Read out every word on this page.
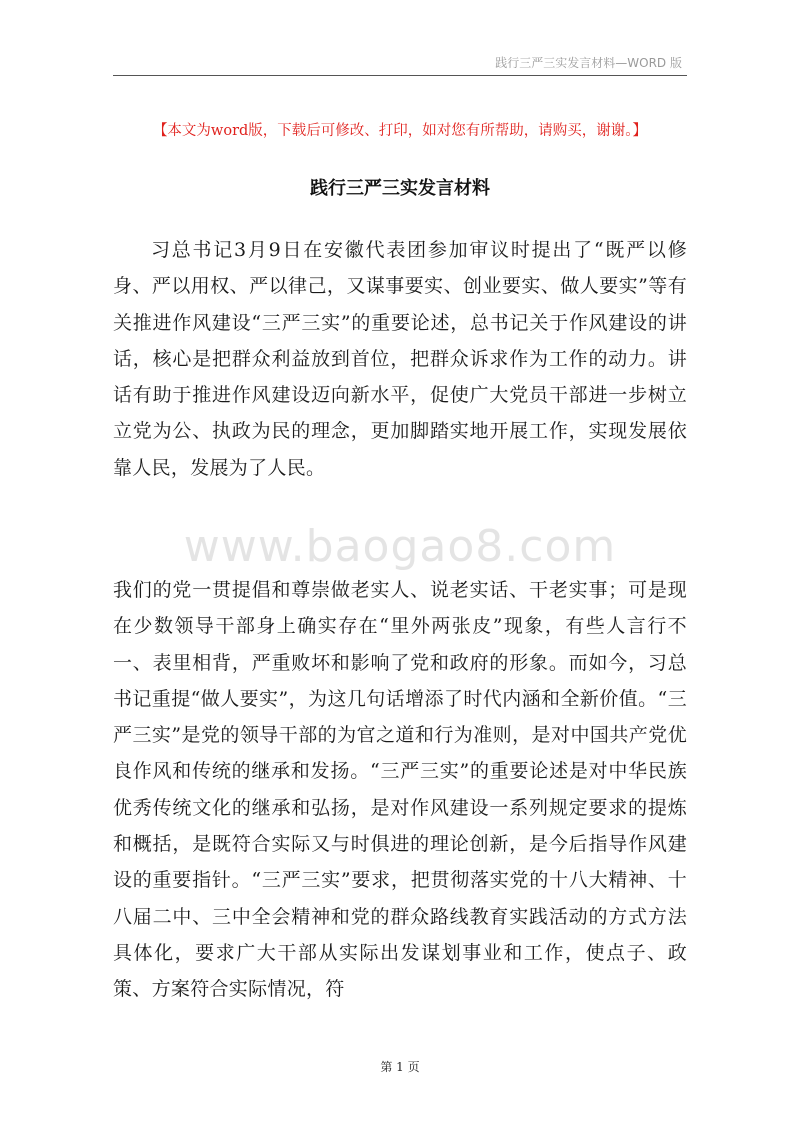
践行三严三实发言材料—WORD 版
【本文为word版，下载后可修改、打印，如对您有所帮助，请购买，谢谢。】
践行三严三实发言材料
习总书记3月9日在安徽代表团参加审议时提出了“既严以修身、严以用权、严以律己，又谋事要实、创业要实、做人要实”等有关推进作风建设“三严三实”的重要论述，总书记关于作风建设的讲话，核心是把群众利益放到首位，把群众诉求作为工作的动力。讲话有助于推进作风建设迈向新水平，促使广大党员干部进一步树立立党为公、执政为民的理念，更加脚踏实地开展工作，实现发展依靠人民，发展为了人民。
www.baogao8.com
我们的党一贯提倡和尊崇做老实人、说老实话、干老实事；可是现在少数领导干部身上确实存在“里外两张皮”现象，有些人言行不一、表里相背，严重败坏和影响了党和政府的形象。而如今，习总书记重提“做人要实”，为这几句话增添了时代内涵和全新价值。“三严三实”是党的领导干部的为官之道和行为准则，是对中国共产党优良作风和传统的继承和发扬。“三严三实”的重要论述是对中华民族优秀传统文化的继承和弘扬，是对作风建设一系列规定要求的提炼和概括，是既符合实际又与时俱进的理论创新，是今后指导作风建设的重要指针。“三严三实”要求，把贯彻落实党的十八大精神、十八届二中、三中全会精神和党的群众路线教育实践活动的方式方法具体化，要求广大干部从实际出发谋划事业和工作，使点子、政策、方案符合实际情况，符
第 1 页
